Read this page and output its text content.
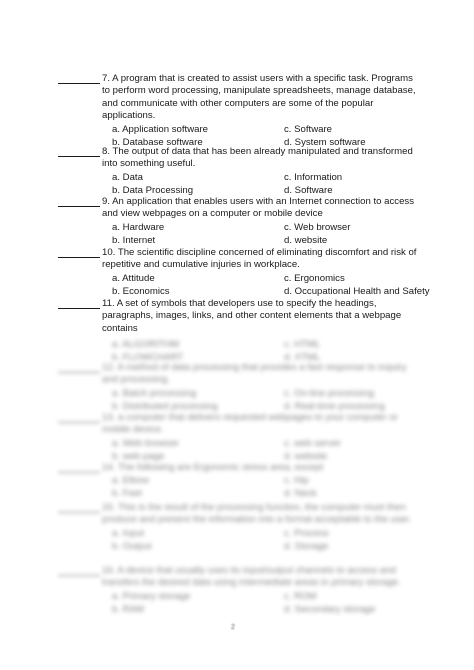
7. A program that is created to assist users with a specific task. Programs to perform word processing, manipulate spreadsheets, manage database, and communicate with other computers are some of the popular applications.
a. Application software	c. Software
b. Database software	d. System software
8. The output of data that has been already manipulated and transformed into something useful.
a. Data	c. Information
b. Data Processing	d. Software
9. An application that enables users with an Internet connection to access and view webpages on a computer or mobile device
a. Hardware	c. Web browser
b. Internet	d. website
10. The scientific discipline concerned of eliminating discomfort and risk of repetitive and cumulative injuries in workplace.
a. Attitude	c. Ergonomics
b. Economics	d. Occupational Health and Safety
11. A set of symbols that developers use to specify the headings, paragraphs, images, links, and other content elements that a webpage contains
a. ALGORITHM	c. HTML
b. FLOWCHART	d. XTML
12. A method of data processing that provides a fast response to inquiry and processing.
a. Batch processing	c. On-line processing
b. Distributed processing	d. Real-time processing
13. a computer that delivers requested webpages to your computer or mobile device.
a. Web browser	c. web server
b. web page	d. website
14. The following are Ergonomic stress area, except
a. Elbow	c. Hip
b. Feet	d. Neck
15. This is the result of the processing function, the computer must then produce and present the information into a format acceptable to the user.
a. Input	c. Process
b. Output	d. Storage
16. A device that usually uses its input/output channels to access and transfers the desired data using intermediate areas in primary storage.
a. Primary storage	c. ROM
b. RAM	d. Secondary storage
2
